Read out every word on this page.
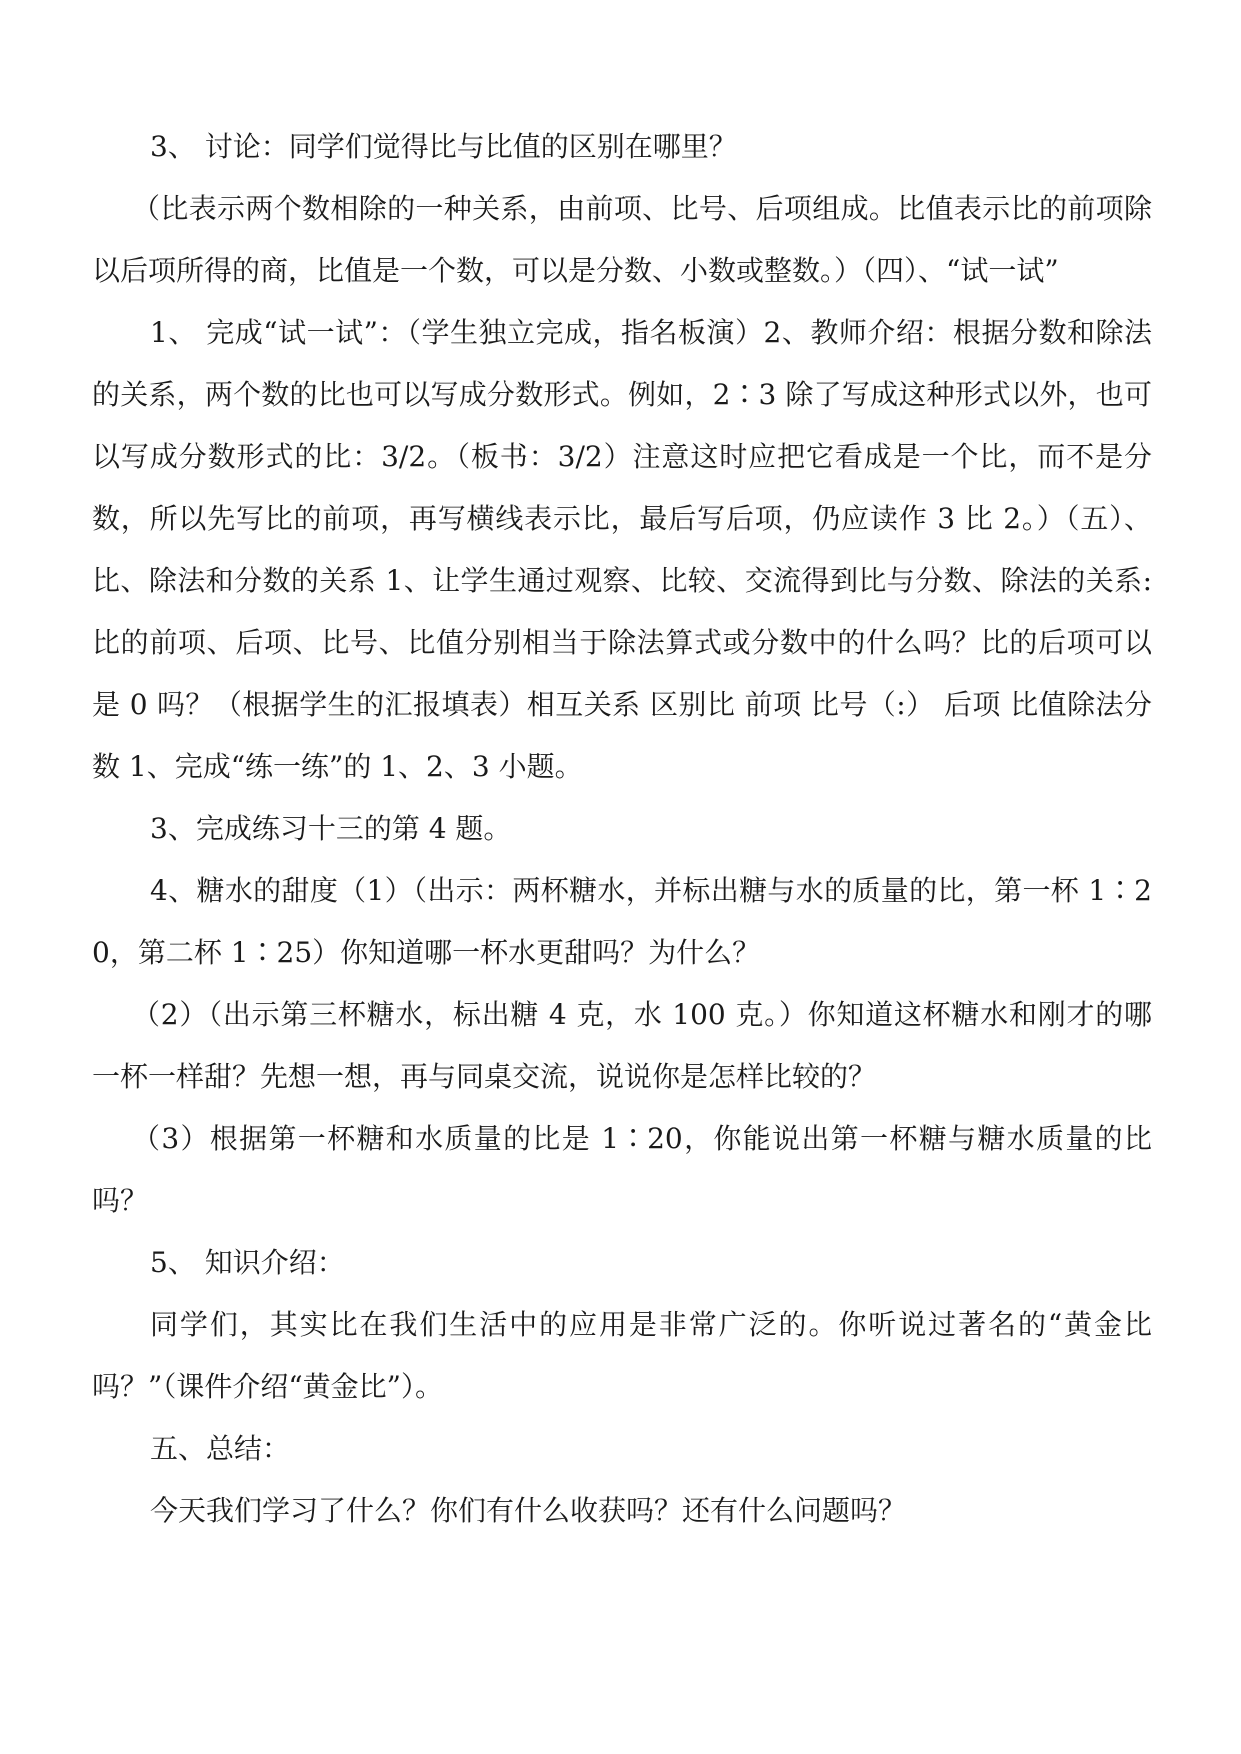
3、 讨论：同学们觉得比与比值的区别在哪里？

（比表示两个数相除的一种关系，由前项、比号、后项组成。比值表示比的前项除以后项所得的商，比值是一个数，可以是分数、小数或整数。）（四）、“试一试”

1、 完成“试一试”：（学生独立完成，指名板演）2、教师介绍：根据分数和除法的关系，两个数的比也可以写成分数形式。例如，2∶3 除了写成这种形式以外，也可以写成分数形式的比：3/2。（板书：3/2）注意这时应把它看成是一个比，而不是分数，所以先写比的前项，再写横线表示比，最后写后项，仍应读作 3 比 2。）（五）、比、除法和分数的关系 1、让学生通过观察、比较、交流得到比与分数、除法的关系:比的前项、后项、比号、比值分别相当于除法算式或分数中的什么吗？比的后项可以是 0 吗？（根据学生的汇报填表）相互关系 区别比 前项 比号（:） 后项 比值除法分数 1、完成“练一练”的 1、2、3 小题。

3、完成练习十三的第 4 题。

4、糖水的甜度（1）（出示：两杯糖水，并标出糖与水的质量的比，第一杯 1∶20，第二杯 1∶25）你知道哪一杯水更甜吗？为什么？

（2）（出示第三杯糖水，标出糖 4 克，水 100 克。）你知道这杯糖水和刚才的哪一杯一样甜？先想一想，再与同桌交流，说说你是怎样比较的？

（3）根据第一杯糖和水质量的比是 1∶20，你能说出第一杯糖与糖水质量的比吗？

5、 知识介绍：

同学们，其实比在我们生活中的应用是非常广泛的。你听说过著名的“黄金比吗？”（课件介绍“黄金比”）。

五、总结：

今天我们学习了什么？你们有什么收获吗？还有什么问题吗？
